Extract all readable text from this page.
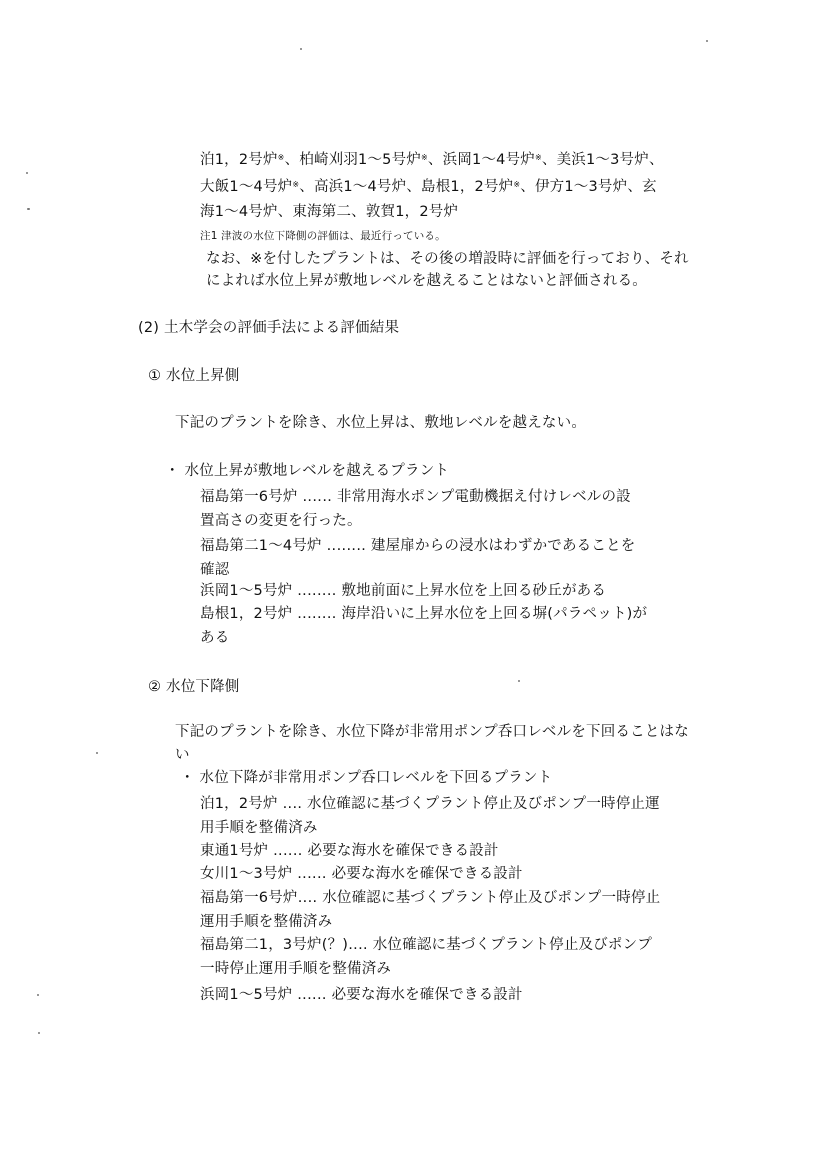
泊1，2号炉※、柏崎刈羽1～5号炉※、浜岡1～4号炉※、美浜1～3号炉、
大飯1～4号炉※、高浜1～4号炉、島根1，2号炉※、伊方1～3号炉、玄
海1～4号炉、東海第二、敦賀1，2号炉
注1 津波の水位下降側の評価は、最近行っている。
なお、※を付したプラントは、その後の増設時に評価を行っており、それ
によれば水位上昇が敷地レベルを越えることはないと評価される。
(2) 土木学会の評価手法による評価結果
① 水位上昇側
下記のプラントを除き、水位上昇は、敷地レベルを越えない。
・ 水位上昇が敷地レベルを越えるプラント
福島第一6号炉 ‥‥‥ 非常用海水ポンプ電動機据え付けレベルの設
置高さの変更を行った。
福島第二1～4号炉 ‥‥‥‥ 建屋扉からの浸水はわずかであることを
確認
浜岡1～5号炉 ‥‥‥‥ 敷地前面に上昇水位を上回る砂丘がある
島根1，2号炉 ‥‥‥‥ 海岸沿いに上昇水位を上回る塀(パラペット)が
ある
② 水位下降側
下記のプラントを除き、水位下降が非常用ポンプ呑口レベルを下回ることはな
い
・ 水位下降が非常用ポンプ呑口レベルを下回るプラント
泊1，2号炉 ‥‥ 水位確認に基づくプラント停止及びポンプ一時停止運
用手順を整備済み
東通1号炉 ‥‥‥ 必要な海水を確保できる設計
女川1～3号炉 ‥‥‥ 必要な海水を確保できる設計
福島第一6号炉‥‥ 水位確認に基づくプラント停止及びポンプ一時停止
運用手順を整備済み
福島第二1，3号炉(？)‥‥ 水位確認に基づくプラント停止及びポンプ
一時停止運用手順を整備済み
浜岡1～5号炉 ‥‥‥ 必要な海水を確保できる設計
